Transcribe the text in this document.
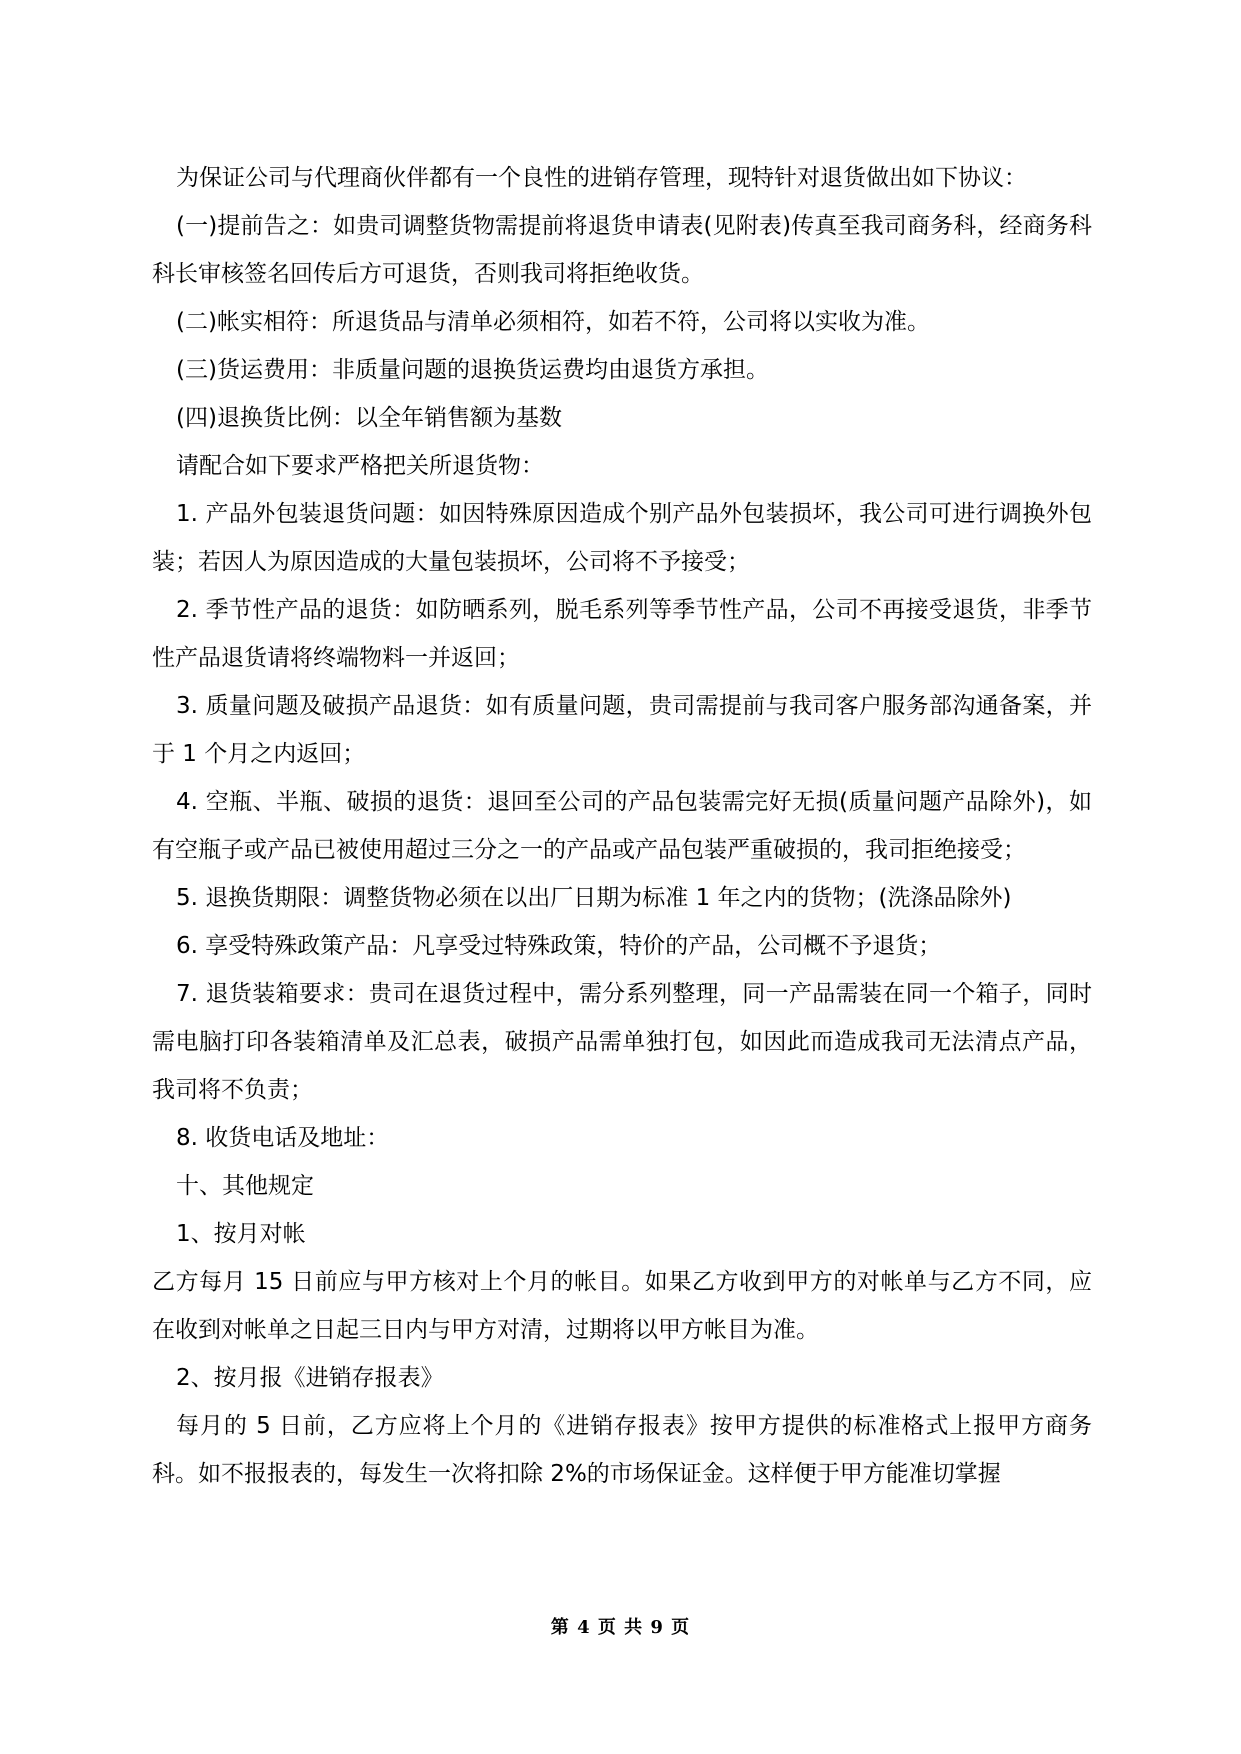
为保证公司与代理商伙伴都有一个良性的进销存管理，现特针对退货做出如下协议：

(一)提前告之：如贵司调整货物需提前将退货申请表(见附表)传真至我司商务科，经商务科科长审核签名回传后方可退货，否则我司将拒绝收货。

(二)帐实相符：所退货品与清单必须相符，如若不符，公司将以实收为准。

(三)货运费用：非质量问题的退换货运费均由退货方承担。

(四)退换货比例：以全年销售额为基数

请配合如下要求严格把关所退货物：

1. 产品外包装退货问题：如因特殊原因造成个别产品外包装损坏，我公司可进行调换外包装；若因人为原因造成的大量包装损坏，公司将不予接受；

2. 季节性产品的退货：如防晒系列，脱毛系列等季节性产品，公司不再接受退货，非季节性产品退货请将终端物料一并返回；

3. 质量问题及破损产品退货：如有质量问题，贵司需提前与我司客户服务部沟通备案，并于 1 个月之内返回；

4. 空瓶、半瓶、破损的退货：退回至公司的产品包装需完好无损(质量问题产品除外)，如有空瓶子或产品已被使用超过三分之一的产品或产品包装严重破损的，我司拒绝接受；

5. 退换货期限：调整货物必须在以出厂日期为标准 1 年之内的货物；(洗涤品除外)

6. 享受特殊政策产品：凡享受过特殊政策，特价的产品，公司概不予退货；

7. 退货装箱要求：贵司在退货过程中，需分系列整理，同一产品需装在同一个箱子，同时需电脑打印各装箱清单及汇总表，破损产品需单独打包，如因此而造成我司无法清点产品，我司将不负责；

8. 收货电话及地址：

十、其他规定

1、按月对帐

乙方每月 15 日前应与甲方核对上个月的帐目。如果乙方收到甲方的对帐单与乙方不同，应在收到对帐单之日起三日内与甲方对清，过期将以甲方帐目为准。

2、按月报《进销存报表》

每月的 5 日前，乙方应将上个月的《进销存报表》按甲方提供的标准格式上报甲方商务科。如不报报表的，每发生一次将扣除 2%的市场保证金。这样便于甲方能准切掌握

第 4 页 共 9 页
